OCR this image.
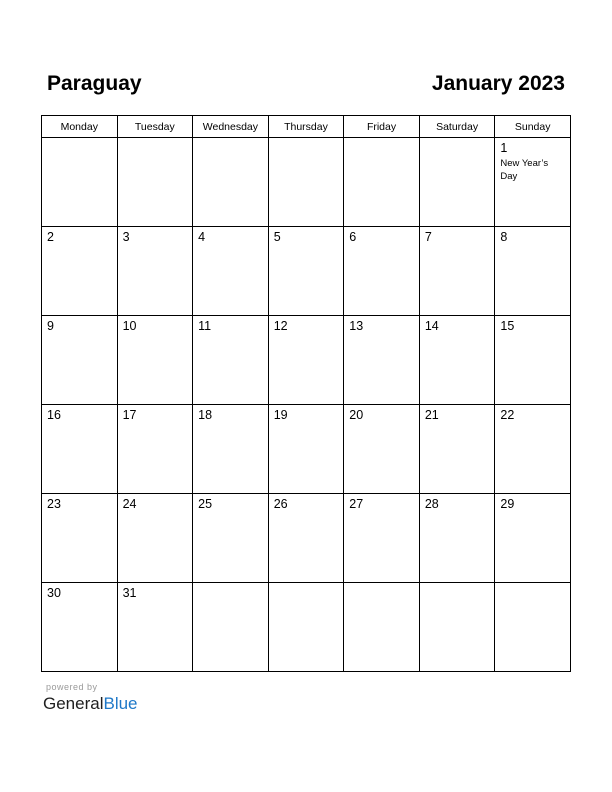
Paraguay	January 2023
Monday	Tuesday	Wednesday	Thursday	Friday	Saturday	Sunday

						1
New Year’s Day

2	3	4	5	6	7	8

9	10	11	12	13	14	15

16	17	18	19	20	21	22

23	24	25	26	27	28	29

30	31					

powered by
GeneralBlue
